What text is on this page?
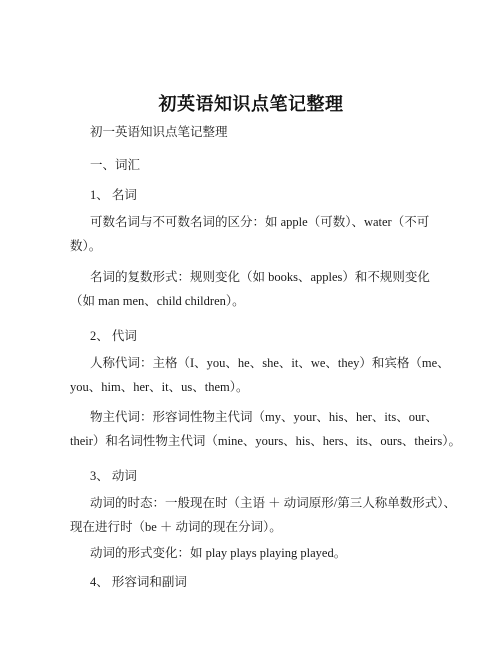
初英语知识点笔记整理
初一英语知识点笔记整理
一、词汇
1、 名词
可数名词与不可数名词的区分：如 apple（可数）、water（不可
数）。
名词的复数形式：规则变化（如 books、apples）和不规则变化
（如 man men、child children）。
2、 代词
人称代词：主格（I、you、he、she、it、we、they）和宾格（me、
you、him、her、it、us、them）。
物主代词：形容词性物主代词（my、your、his、her、its、our、
their）和名词性物主代词（mine、yours、his、hers、its、ours、theirs）。
3、 动词
动词的时态：一般现在时（主语 ＋ 动词原形/第三人称单数形式）、
现在进行时（be ＋ 动词的现在分词）。
动词的形式变化：如 play plays playing played。
4、 形容词和副词
